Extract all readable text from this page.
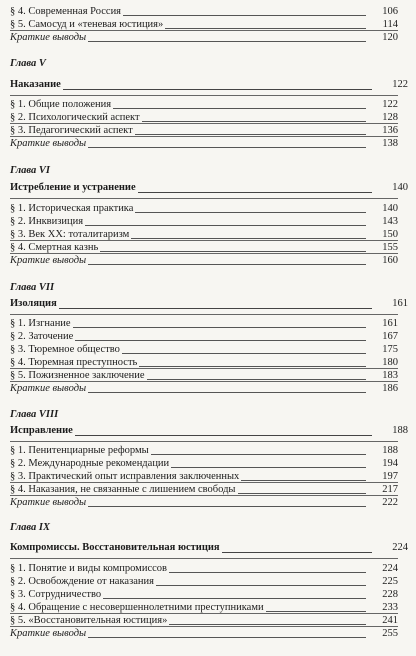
§ 4. Современная Россия	106
§ 5. Самосуд и «теневая юстиция»	114
Краткие выводы	120
Глава V
Наказание	122
§ 1. Общие положения	122
§ 2. Психологический аспект	128
§ 3. Педагогический аспект	136
Краткие выводы	138
Глава VI
Истребление и устранение	140
§ 1. Историческая практика	140
§ 2. Инквизиция	143
§ 3. Век XX: тоталитаризм	150
§ 4. Смертная казнь	155
Краткие выводы	160
Глава VII
Изоляция	161
§ 1. Изгнание	161
§ 2. Заточение	167
§ 3. Тюремное общество	175
§ 4. Тюремная преступность	180
§ 5. Пожизненное заключение	183
Краткие выводы	186
Глава VIII
Исправление	188
§ 1. Пенитенциарные реформы	188
§ 2. Международные рекомендации	194
§ 3. Практический опыт исправления заключенных	197
§ 4. Наказания, не связанные с лишением свободы	217
Краткие выводы	222
Глава IX
Компромиссы. Восстановительная юстиция	224
§ 1. Понятие и виды компромиссов	224
§ 2. Освобождение от наказания	225
§ 3. Сотрудничество	228
§ 4. Обращение с несовершеннолетними преступниками	233
§ 5. «Восстановительная юстиция»	241
Краткие выводы	255
